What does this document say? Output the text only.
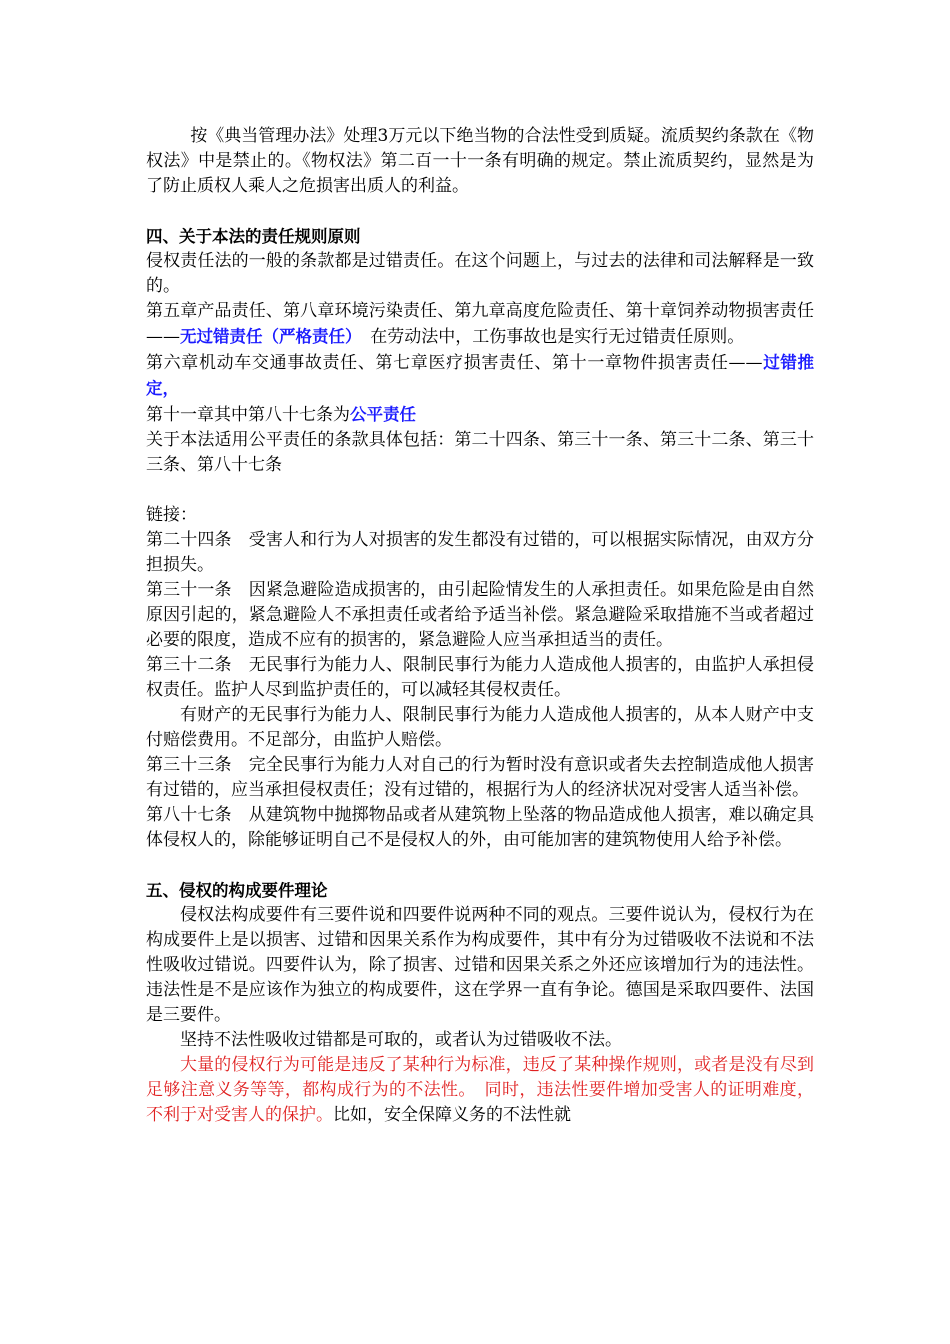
按《典当管理办法》处理3万元以下绝当物的合法性受到质疑。流质契约条款在《物权法》中是禁止的。《物权法》第二百一十一条有明确的规定。禁止流质契约，显然是为了防止质权人乘人之危损害出质人的利益。

四、关于本法的责任规则原则

侵权责任法的一般的条款都是过错责任。在这个问题上，与过去的法律和司法解释是一致的。

第五章产品责任、第八章环境污染责任、第九章高度危险责任、第十章饲养动物损害责任——无过错责任（严格责任）　在劳动法中，工伤事故也是实行无过错责任原则。

第六章机动车交通事故责任、第七章医疗损害责任、第十一章物件损害责任——过错推定，

第十一章其中第八十七条为公平责任

关于本法适用公平责任的条款具体包括：第二十四条、第三十一条、第三十二条、第三十三条、第八十七条

链接：

第二十四条　受害人和行为人对损害的发生都没有过错的，可以根据实际情况，由双方分担损失。

第三十一条　因紧急避险造成损害的，由引起险情发生的人承担责任。如果危险是由自然原因引起的，紧急避险人不承担责任或者给予适当补偿。紧急避险采取措施不当或者超过必要的限度，造成不应有的损害的，紧急避险人应当承担适当的责任。

第三十二条　无民事行为能力人、限制民事行为能力人造成他人损害的，由监护人承担侵权责任。监护人尽到监护责任的，可以减轻其侵权责任。

有财产的无民事行为能力人、限制民事行为能力人造成他人损害的，从本人财产中支付赔偿费用。不足部分，由监护人赔偿。

第三十三条　完全民事行为能力人对自己的行为暂时没有意识或者失去控制造成他人损害有过错的，应当承担侵权责任；没有过错的，根据行为人的经济状况对受害人适当补偿。

第八十七条　从建筑物中抛掷物品或者从建筑物上坠落的物品造成他人损害，难以确定具体侵权人的，除能够证明自己不是侵权人的外，由可能加害的建筑物使用人给予补偿。

五、侵权的构成要件理论

侵权法构成要件有三要件说和四要件说两种不同的观点。三要件说认为，侵权行为在构成要件上是以损害、过错和因果关系作为构成要件，其中有分为过错吸收不法说和不法性吸收过错说。四要件认为，除了损害、过错和因果关系之外还应该增加行为的违法性。违法性是不是应该作为独立的构成要件，这在学界一直有争论。德国是采取四要件、法国是三要件。

坚持不法性吸收过错都是可取的，或者认为过错吸收不法。

大量的侵权行为可能是违反了某种行为标准，违反了某种操作规则，或者是没有尽到足够注意义务等等，都构成行为的不法性。　同时，违法性要件增加受害人的证明难度，不利于对受害人的保护。比如，安全保障义务的不法性就
